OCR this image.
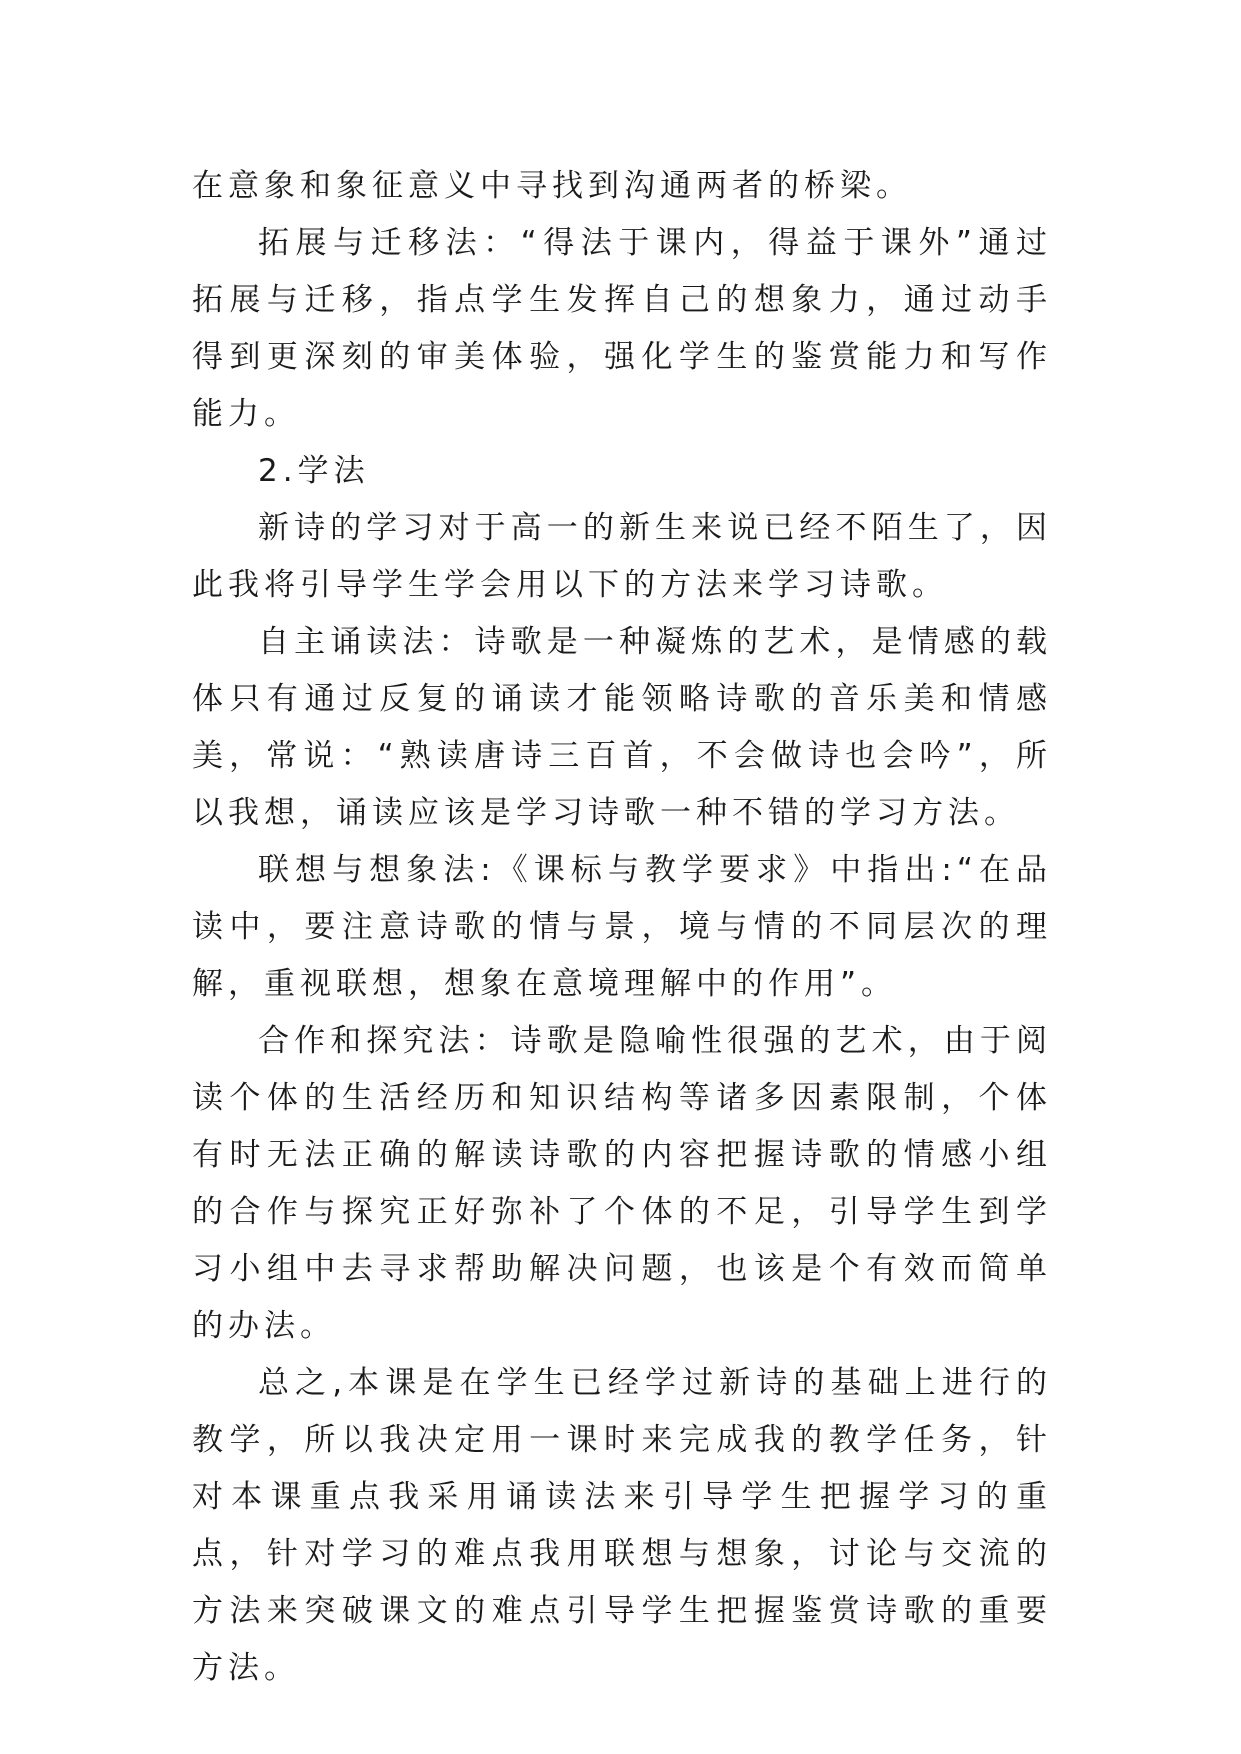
在意象和象征意义中寻找到沟通两者的桥梁。

拓展与迁移法：“得法于课内，得益于课外”通过拓展与迁移，指点学生发挥自己的想象力，通过动手得到更深刻的审美体验，强化学生的鉴赏能力和写作能力。

2.学法

新诗的学习对于高一的新生来说已经不陌生了，因此我将引导学生学会用以下的方法来学习诗歌。

自主诵读法：诗歌是一种凝炼的艺术，是情感的载体只有通过反复的诵读才能领略诗歌的音乐美和情感美，常说：“熟读唐诗三百首，不会做诗也会吟”，所以我想，诵读应该是学习诗歌一种不错的学习方法。

联想与想象法:《课标与教学要求》中指出:“在品读中，要注意诗歌的情与景，境与情的不同层次的理解，重视联想，想象在意境理解中的作用”。

合作和探究法：诗歌是隐喻性很强的艺术，由于阅读个体的生活经历和知识结构等诸多因素限制，个体有时无法正确的解读诗歌的内容把握诗歌的情感小组的合作与探究正好弥补了个体的不足，引导学生到学习小组中去寻求帮助解决问题，也该是个有效而简单的办法。

总之,本课是在学生已经学过新诗的基础上进行的教学，所以我决定用一课时来完成我的教学任务，针对本课重点我采用诵读法来引导学生把握学习的重点，针对学习的难点我用联想与想象，讨论与交流的方法来突破课文的难点引导学生把握鉴赏诗歌的重要方法。
